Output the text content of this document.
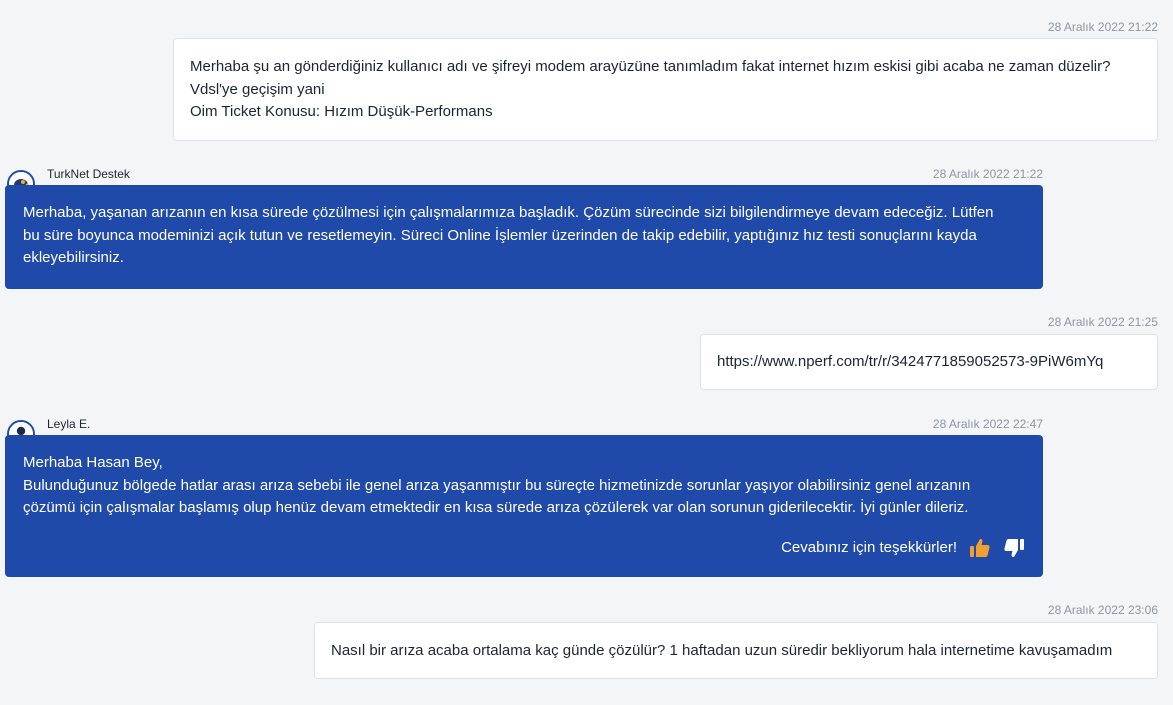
28 Aralık 2022 21:22
Merhaba şu an gönderdiğiniz kullanıcı adı ve şifreyi modem arayüzüne tanımladım fakat internet hızım eskisi gibi acaba ne zaman düzelir?
Vdsl'ye geçişim yani
Oim Ticket Konusu: Hızım Düşük-Performans
TurkNet Destek	28 Aralık 2022 21:22
Merhaba, yaşanan arızanın en kısa sürede çözülmesi için çalışmalarımıza başladık. Çözüm sürecinde sizi bilgilendirmeye devam edeceğiz. Lütfen
bu süre boyunca modeminizi açık tutun ve resetlemeyin. Süreci Online İşlemler üzerinden de takip edebilir, yaptığınız hız testi sonuçlarını kayda
ekleyebilirsiniz.
28 Aralık 2022 21:25
https://www.nperf.com/tr/r/3424771859052573-9PiW6mYq
Leyla E.	28 Aralık 2022 22:47
Merhaba Hasan Bey,
Bulunduğunuz bölgede hatlar arası arıza sebebi ile genel arıza yaşanmıştır bu süreçte hizmetinizde sorunlar yaşıyor olabilirsiniz genel arızanın
çözümü için çalışmalar başlamış olup henüz devam etmektedir en kısa sürede arıza çözülerek var olan sorunun giderilecektir. İyi günler dileriz.
Cevabınız için teşekkürler!
28 Aralık 2022 23:06
Nasıl bir arıza acaba ortalama kaç günde çözülür? 1 haftadan uzun süredir bekliyorum hala internetime kavuşamadım
